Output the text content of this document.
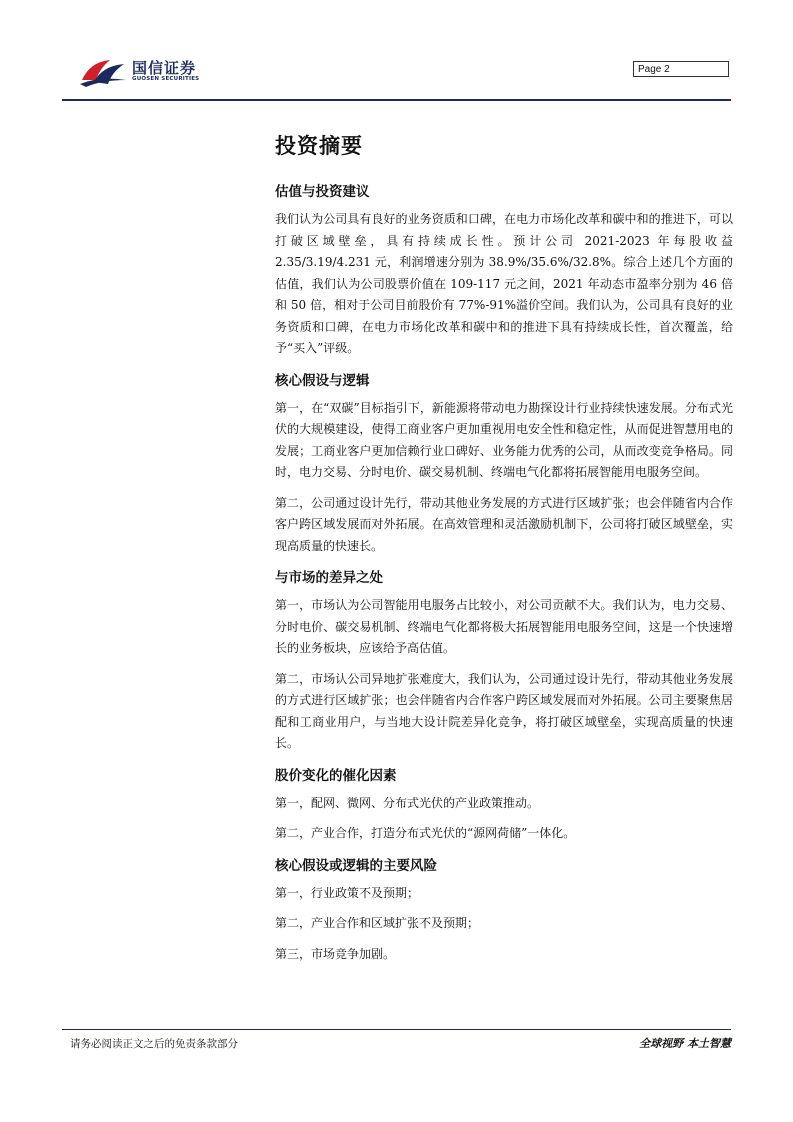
国信证券
GUOSEN SECURITIES
Page 2
投资摘要
估值与投资建议

我们认为公司具有良好的业务资质和口碑，在电力市场化改革和碳中和的推进下，可以打破区域壁垒，具有持续成长性。预计公司 2021-2023 年每股收益 2.35/3.19/4.231 元，利润增速分别为 38.9%/35.6%/32.8%。综合上述几个方面的估值，我们认为公司股票价值在 109-117 元之间，2021 年动态市盈率分别为 46 倍和 50 倍，相对于公司目前股价有 77%-91%溢价空间。我们认为，公司具有良好的业务资质和口碑，在电力市场化改革和碳中和的推进下具有持续成长性，首次覆盖，给予“买入”评级。

核心假设与逻辑

第一，在“双碳”目标指引下，新能源将带动电力勘探设计行业持续快速发展。分布式光伏的大规模建设，使得工商业客户更加重视用电安全性和稳定性，从而促进智慧用电的发展；工商业客户更加信赖行业口碑好、业务能力优秀的公司，从而改变竞争格局。同时，电力交易、分时电价、碳交易机制、终端电气化都将拓展智能用电服务空间。

第二，公司通过设计先行，带动其他业务发展的方式进行区域扩张；也会伴随省内合作客户跨区域发展而对外拓展。在高效管理和灵活激励机制下，公司将打破区域壁垒，实现高质量的快速长。

与市场的差异之处

第一，市场认为公司智能用电服务占比较小，对公司贡献不大。我们认为，电力交易、分时电价、碳交易机制、终端电气化都将极大拓展智能用电服务空间，这是一个快速增长的业务板块，应该给予高估值。

第二，市场认公司异地扩张难度大，我们认为，公司通过设计先行，带动其他业务发展的方式进行区域扩张；也会伴随省内合作客户跨区域发展而对外拓展。公司主要聚焦居配和工商业用户，与当地大设计院差异化竞争，将打破区域壁垒，实现高质量的快速长。

股价变化的催化因素

第一，配网、微网、分布式光伏的产业政策推动。

第二，产业合作，打造分布式光伏的“源网荷储”一体化。

核心假设或逻辑的主要风险

第一，行业政策不及预期；

第二，产业合作和区域扩张不及预期；

第三，市场竞争加剧。

请务必阅读正文之后的免责条款部分	全球视野 本土智慧
